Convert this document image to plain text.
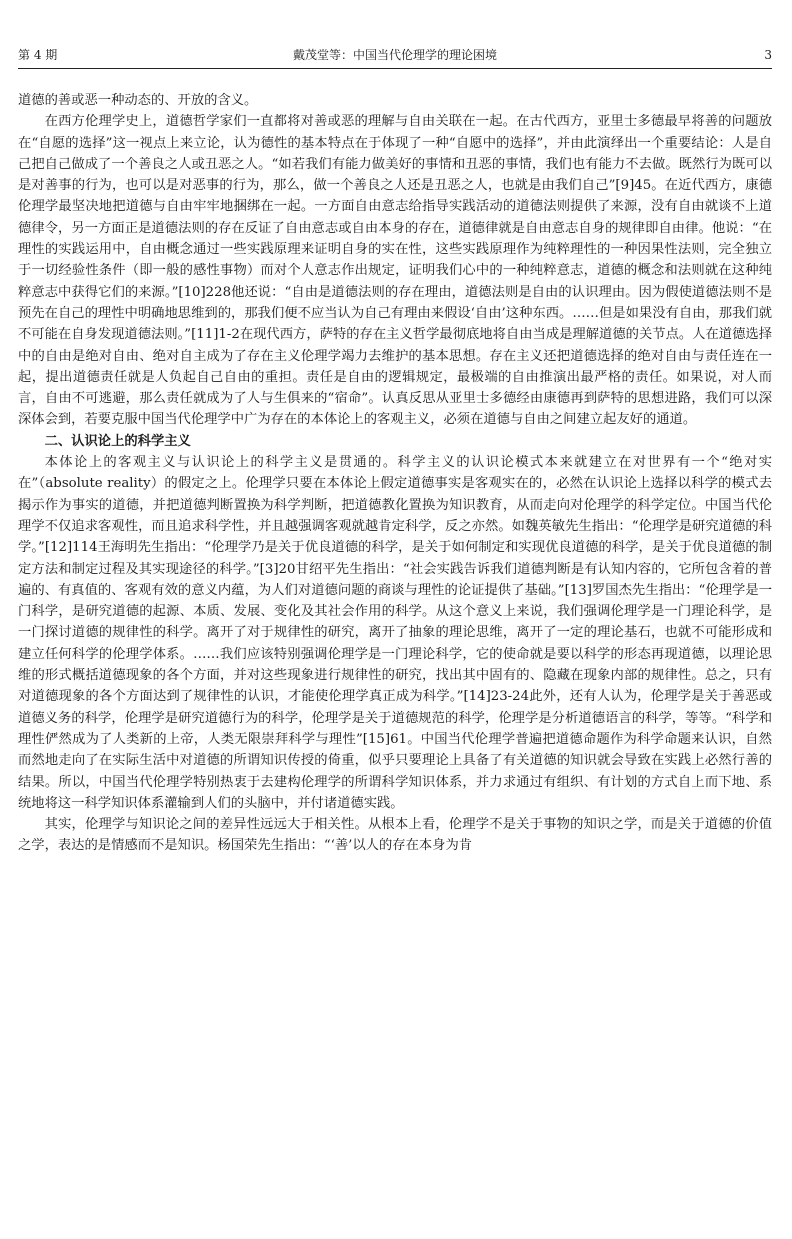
第 4 期	戴茂堂等：中国当代伦理学的理论困境	3

道德的善或恶一种动态的、开放的含义。

在西方伦理学史上，道德哲学家们一直都将对善或恶的理解与自由关联在一起。在古代西方，亚里士多德最早将善的问题放在“自愿的选择”这一视点上来立论，认为德性的基本特点在于体现了一种“自愿中的选择”，并由此演绎出一个重要结论：人是自己把自己做成了一个善良之人或丑恶之人。“如若我们有能力做美好的事情和丑恶的事情，我们也有能力不去做。既然行为既可以是对善事的行为，也可以是对恶事的行为，那么，做一个善良之人还是丑恶之人，也就是由我们自己”[9]45。在近代西方，康德伦理学最坚决地把道德与自由牢牢地捆绑在一起。一方面自由意志给指导实践活动的道德法则提供了来源，没有自由就谈不上道德律令，另一方面正是道德法则的存在反证了自由意志或自由本身的存在，道德律就是自由意志自身的规律即自由律。他说：“在理性的实践运用中，自由概念通过一些实践原理来证明自身的实在性，这些实践原理作为纯粹理性的一种因果性法则，完全独立于一切经验性条件（即一般的感性事物）而对个人意志作出规定，证明我们心中的一种纯粹意志，道德的概念和法则就在这种纯粹意志中获得它们的来源。”[10]228他还说：“自由是道德法则的存在理由，道德法则是自由的认识理由。因为假使道德法则不是预先在自己的理性中明确地思维到的，那我们便不应当认为自己有理由来假设‘自由’这种东西。……但是如果没有自由，那我们就不可能在自身发现道德法则。”[11]1-2在现代西方，萨特的存在主义哲学最彻底地将自由当成是理解道德的关节点。人在道德选择中的自由是绝对自由、绝对自主成为了存在主义伦理学竭力去维护的基本思想。存在主义还把道德选择的绝对自由与责任连在一起，提出道德责任就是人负起自己自由的重担。责任是自由的逻辑规定，最极端的自由推演出最严格的责任。如果说，对人而言，自由不可逃避，那么责任就成为了人与生俱来的“宿命”。认真反思从亚里士多德经由康德再到萨特的思想进路，我们可以深深体会到，若要克服中国当代伦理学中广为存在的本体论上的客观主义，必须在道德与自由之间建立起友好的通道。

二、认识论上的科学主义

本体论上的客观主义与认识论上的科学主义是贯通的。科学主义的认识论模式本来就建立在对世界有一个“绝对实在”（absolute reality）的假定之上。伦理学只要在本体论上假定道德事实是客观实在的，必然在认识论上选择以科学的模式去揭示作为事实的道德，并把道德判断置换为科学判断，把道德教化置换为知识教育，从而走向对伦理学的科学定位。中国当代伦理学不仅追求客观性，而且追求科学性，并且越强调客观就越肯定科学，反之亦然。如魏英敏先生指出：“伦理学是研究道德的科学。”[12]114王海明先生指出：“伦理学乃是关于优良道德的科学，是关于如何制定和实现优良道德的科学，是关于优良道德的制定方法和制定过程及其实现途径的科学。”[3]20甘绍平先生指出：“社会实践告诉我们道德判断是有认知内容的，它所包含着的普遍的、有真值的、客观有效的意义内蕴，为人们对道德问题的商谈与理性的论证提供了基础。”[13]罗国杰先生指出：“伦理学是一门科学，是研究道德的起源、本质、发展、变化及其社会作用的科学。从这个意义上来说，我们强调伦理学是一门理论科学，是一门探讨道德的规律性的科学。离开了对于规律性的研究，离开了抽象的理论思维，离开了一定的理论基石，也就不可能形成和建立任何科学的伦理学体系。……我们应该特别强调伦理学是一门理论科学，它的使命就是要以科学的形态再现道德，以理论思维的形式概括道德现象的各个方面，并对这些现象进行规律性的研究，找出其中固有的、隐藏在现象内部的规律性。总之，只有对道德现象的各个方面达到了规律性的认识，才能使伦理学真正成为科学。”[14]23-24此外，还有人认为，伦理学是关于善恶或道德义务的科学，伦理学是研究道德行为的科学，伦理学是关于道德规范的科学，伦理学是分析道德语言的科学，等等。“科学和理性俨然成为了人类新的上帝，人类无限崇拜科学与理性”[15]61。中国当代伦理学普遍把道德命题作为科学命题来认识，自然而然地走向了在实际生活中对道德的所谓知识传授的倚重，似乎只要理论上具备了有关道德的知识就会导致在实践上必然行善的结果。所以，中国当代伦理学特别热衷于去建构伦理学的所谓科学知识体系，并力求通过有组织、有计划的方式自上而下地、系统地将这一科学知识体系灌输到人们的头脑中，并付诸道德实践。

其实，伦理学与知识论之间的差异性远远大于相关性。从根本上看，伦理学不是关于事物的知识之学，而是关于道德的价值之学，表达的是情感而不是知识。杨国荣先生指出：“‘善’以人的存在本身为肯
